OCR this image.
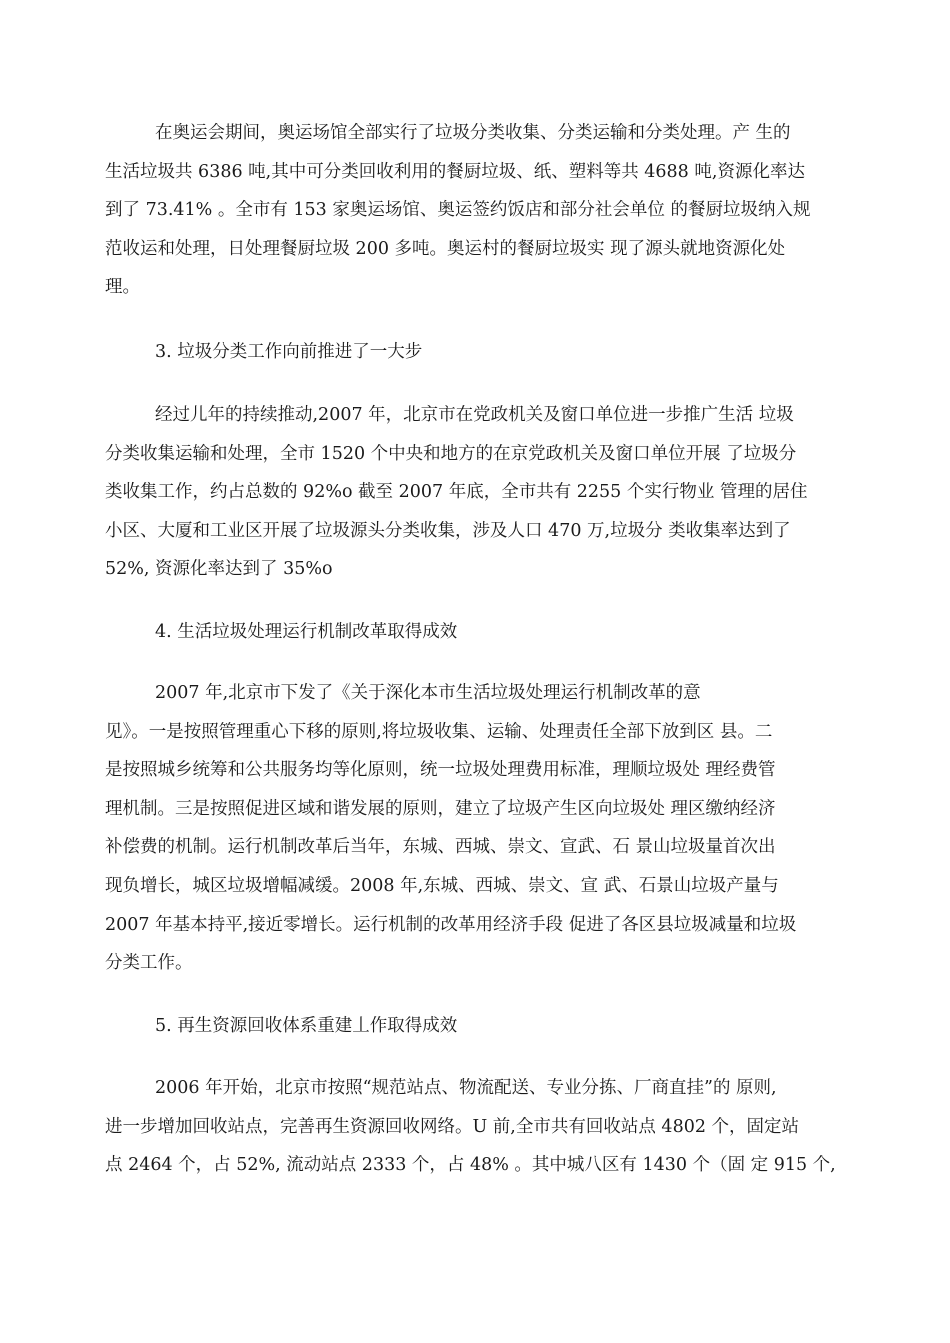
在奥运会期间，奥运场馆全部实行了垃圾分类收集、分类运输和分类处理。产 生的
生活垃圾共 6386 吨,其中可分类回收利用的餐厨垃圾、纸、塑料等共 4688 吨,资源化率达
到了 73.41% 。全市有 153 家奥运场馆、奥运签约饭店和部分社会单位 的餐厨垃圾纳入规
范收运和处理，日处理餐厨垃圾 200 多吨。奥运村的餐厨垃圾实 现了源头就地资源化处
理。
3. 垃圾分类工作向前推进了一大步
经过儿年的持续推动,2007 年，北京市在党政机关及窗口单位进一步推广生活 垃圾
分类收集运输和处理，全市 1520 个中央和地方的在京党政机关及窗口单位开展 了垃圾分
类收集工作，约占总数的 92%o 截至 2007 年底，全市共有 2255 个实行物业 管理的居住
小区、大厦和工业区开展了垃圾源头分类收集，涉及人口 470 万,垃圾分 类收集率达到了
52%, 资源化率达到了 35%o
4. 生活垃圾处理运行机制改革取得成效
2007 年,北京市下发了《关于深化本市生活垃圾处理运行机制改革的意
见》。一是按照管理重心下移的原则,将垃圾收集、运输、处理责任全部下放到区 县。二
是按照城乡统筹和公共服务均等化原则，统一垃圾处理费用标准，理顺垃圾处 理经费管
理机制。三是按照促进区域和谐发展的原则，建立了垃圾产生区向垃圾处 理区缴纳经济
补偿费的机制。运行机制改革后当年，东城、西城、崇文、宣武、石 景山垃圾量首次出
现负增长，城区垃圾增幅减缓。2008 年,东城、西城、崇文、宣 武、石景山垃圾产量与
2007 年基本持平,接近零增长。运行机制的改革用经济手段 促进了各区县垃圾减量和垃圾
分类工作。
5. 再生资源回收体系重建丄作取得成效
2006 年开始，北京市按照“规范站点、物流配送、专业分拣、厂商直挂”的 原则,
进一步增加回收站点，完善再生资源回收网络。U 前,全市共有回收站点 4802 个，固定站
点 2464 个，占 52%, 流动站点 2333 个，占 48% 。其中城八区有 1430 个（固 定 915 个,
